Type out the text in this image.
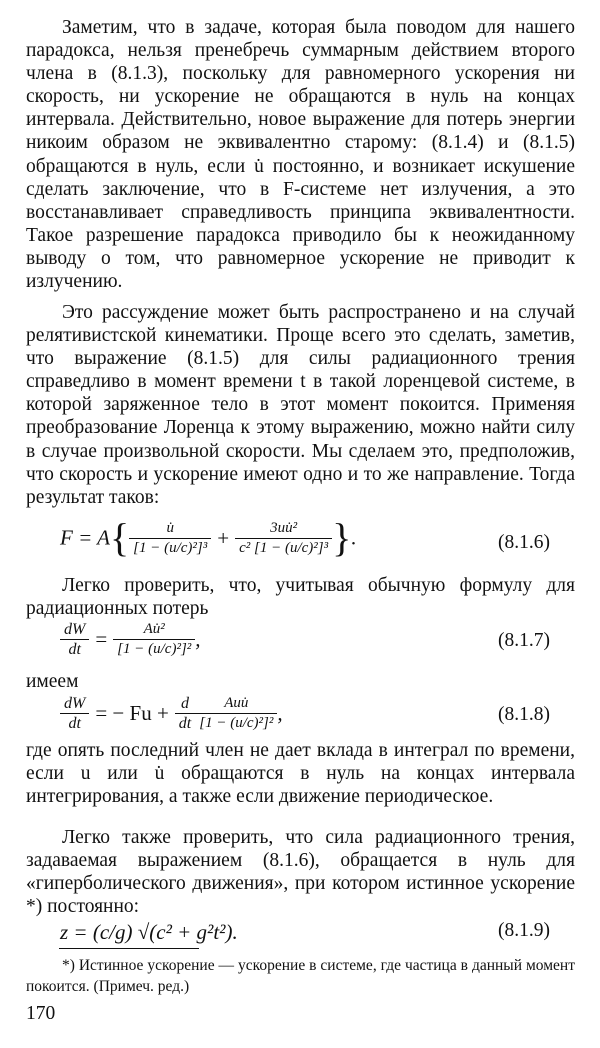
Заметим, что в задаче, которая была поводом для нашего парадокса, нельзя пренебречь суммарным действием второго члена в (8.1.3), поскольку для равномерного ускорения ни скорость, ни ускорение не обращаются в нуль на концах интервала. Действительно, новое выражение для потерь энергии никоим образом не эквивалентно старому: (8.1.4) и (8.1.5) обращаются в нуль, если u̇ постоянно, и возникает искушение сделать заключение, что в F-системе нет излучения, а это восстанавливает справедливость принципа эквивалентности. Такое разрешение парадокса приводило бы к неожиданному выводу о том, что равномерное ускорение не приводит к излучению.
Это рассуждение может быть распространено и на случай релятивистской кинематики. Проще всего это сделать, заметив, что выражение (8.1.5) для силы радиационного трения справедливо в момент времени t в такой лоренцевой системе, в которой заряженное тело в этот момент покоится. Применяя преобразование Лоренца к этому выражению, можно найти силу в случае произвольной скорости. Мы сделаем это, предположив, что скорость и ускорение имеют одно и то же направление. Тогда результат таков:
$F = A\{ \frac{u̇}{\text{[1 − (u/c)²]³}} + \frac{\text{3uu̇²}}{\text{c² [1 − (u/c)²]³}}$ }.	(8.1.6)
Легко проверить, что, учитывая обычную формулу для радиационных потерь
$\frac{dW}{dt} = \frac{\text{Au̇²}}{\text{[1 − (u/c)²]²}}$ ,	(8.1.7)
имеем
$\frac{dW}{dt}$ = − $Fu + \frac{d}{dt} \frac{\text{Auu̇}}{\text{[1 − (u/c)²]²}}$ ,	(8.1.8)
где опять последний член не дает вклада в интеграл по времени, если u или u̇ обращаются в нуль на концах интервала интегрирования, а также если движение периодическое.
Легко также проверить, что сила радиационного трения, задаваемая выражением (8.1.6), обращается в нуль для «гиперболического движения», при котором истинное ускорение *) постоянно:
z = (c/g) √(c² + g²t²).	(8.1.9)
*) Истинное ускорение — ускорение в системе, где частица в данный момент покоится. (Примеч. ред.)
170
